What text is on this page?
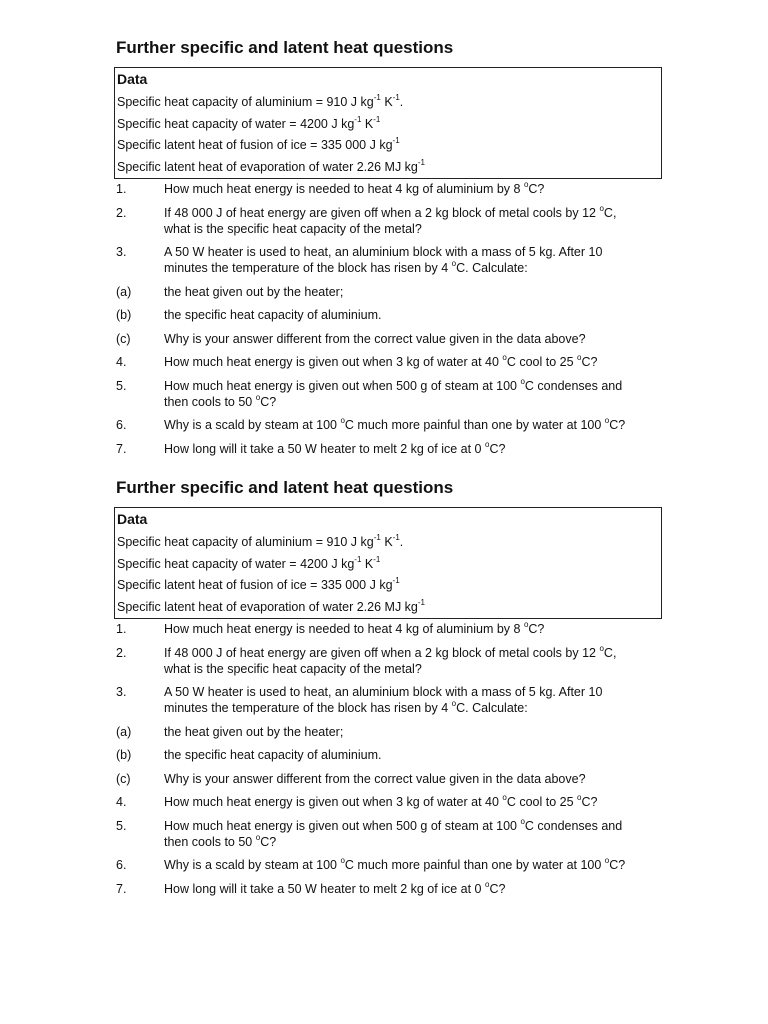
Further specific and latent heat questions
Data
Specific heat capacity of aluminium = 910 J $kg^{-1}$ $K^{-1}$.
Specific heat capacity of water = 4200 J $kg^{-1}$ $K^{-1}$
Specific latent heat of fusion of ice = 335 000 J $kg^{-1}$
Specific latent heat of evaporation of water 2.26 MJ $kg^{-1}$
1.	How much heat energy is needed to heat 4 kg of aluminium by 8 $^o$C?
2.	If 48 000 J of heat energy are given off when a 2 kg block of metal cools by 12 $^o$C, what is the specific heat capacity of the metal?
3.	A 50 W heater is used to heat, an aluminium block with a mass of 5 kg. After 10 minutes the temperature of the block has risen by 4 $^o$C. Calculate:
(a)	the heat given out by the heater;
(b)	the specific heat capacity of aluminium.
(c)	Why is your answer different from the correct value given in the data above?
4.	How much heat energy is given out when 3 kg of water at 40 $^o$C cool to 25 $^o$C?
5.	How much heat energy is given out when 500 g of steam at 100 $^o$C condenses and then cools to 50 $^o$C?
6.	Why is a scald by steam at 100 $^o$C much more painful than one by water at 100 $^o$C?
7.	How long will it take a 50 W heater to melt 2 kg of ice at 0 $^o$C?
Further specific and latent heat questions
Data
Specific heat capacity of aluminium = 910 J $kg^{-1}$ $K^{-1}$.
Specific heat capacity of water = 4200 J $kg^{-1}$ $K^{-1}$
Specific latent heat of fusion of ice = 335 000 J $kg^{-1}$
Specific latent heat of evaporation of water 2.26 MJ $kg^{-1}$
1.	How much heat energy is needed to heat 4 kg of aluminium by 8 $^o$C?
2.	If 48 000 J of heat energy are given off when a 2 kg block of metal cools by 12 $^o$C, what is the specific heat capacity of the metal?
3.	A 50 W heater is used to heat, an aluminium block with a mass of 5 kg. After 10 minutes the temperature of the block has risen by 4 $^o$C. Calculate:
(a)	the heat given out by the heater;
(b)	the specific heat capacity of aluminium.
(c)	Why is your answer different from the correct value given in the data above?
4.	How much heat energy is given out when 3 kg of water at 40 $^o$C cool to 25 $^o$C?
5.	How much heat energy is given out when 500 g of steam at 100 $^o$C condenses and then cools to 50 $^o$C?
6.	Why is a scald by steam at 100 $^o$C much more painful than one by water at 100 $^o$C?
7.	How long will it take a 50 W heater to melt 2 kg of ice at 0 $^o$C?
